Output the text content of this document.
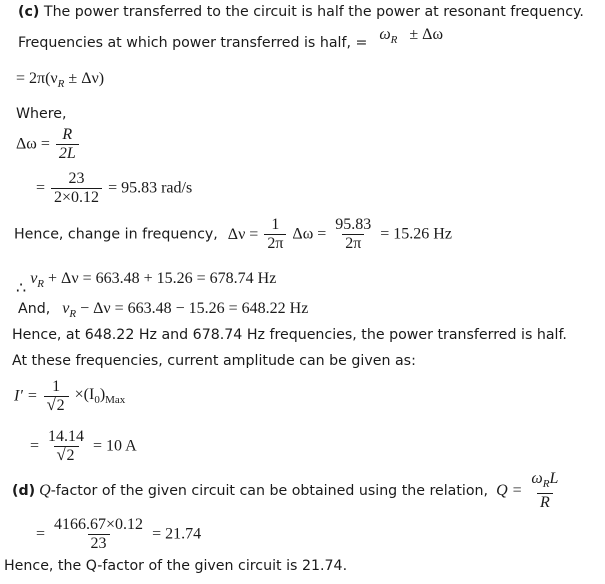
(c) The power transferred to the circuit is half the power at resonant frequency.
Frequencies at which power transferred is half, = $\omega_R \pm \Delta\omega$
= $2\pi(\nu_R \pm \Delta\nu)$
Where,
$\Delta\omega = \frac{R}{2L}$
= $\frac{23}{2\times 0.12} = 95.83$ rad/s
Hence, change in frequency, $\Delta\nu = \frac{1}{2\pi}$ $\Delta\omega = \frac{95.83}{2\pi} = 15.26$ Hz
∴ $\nu_R + \Delta\nu = 663.48 + 15.26 = 678.74$ Hz
And, $\nu_R - \Delta\nu = 663.48 - 15.26 = 648.22$ Hz
Hence, at 648.22 Hz and 678.74 Hz frequencies, the power transferred is half.
At these frequencies, current amplitude can be given as:
$I' = \frac{1}{√ 2} \times(I_0)_{Max}$
= $\frac{14.14}{√ 2} = 10$ A
(d) Q-factor of the given circuit can be obtained using the relation, $Q = \frac{\omega_RL}{R}$
= $\frac{4166.67\times 0.12}{23} = 21.74$
Hence, the Q-factor of the given circuit is 21.74.
